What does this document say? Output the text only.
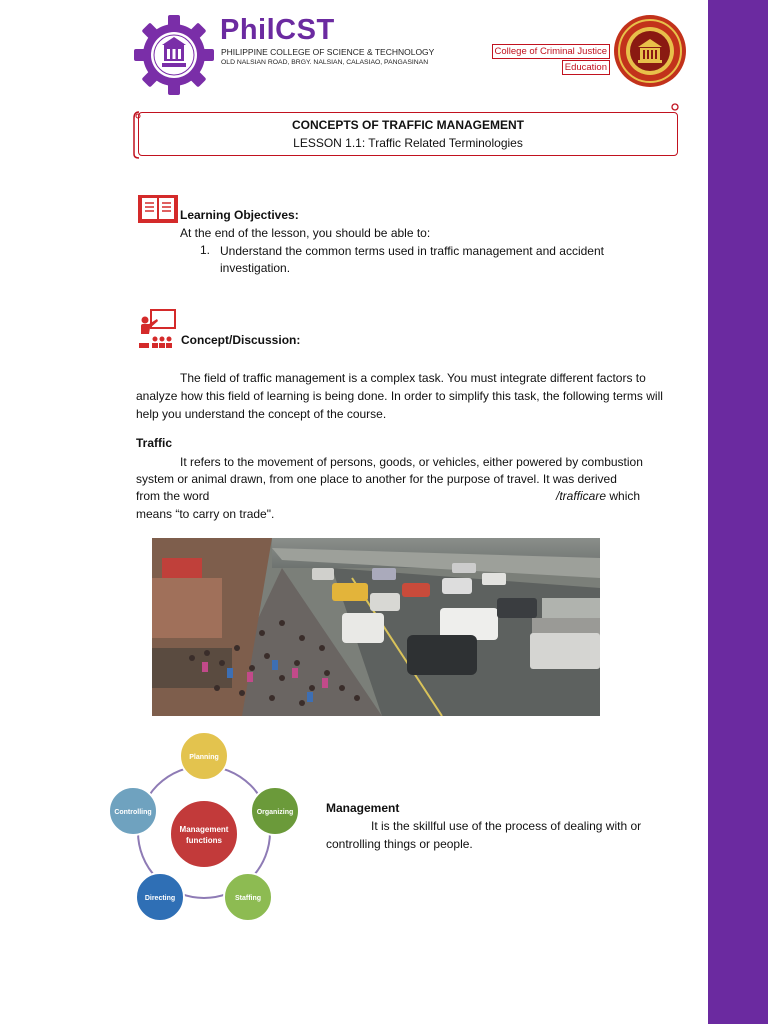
PhilCST
PHILIPPINE COLLEGE OF SCIENCE & TECHNOLOGY
OLD NALSIAN ROAD, BRGY. NALSIAN, CALASIAO, PANGASINAN
College of Criminal Justice
Education
CONCEPTS OF TRAFFIC MANAGEMENT
LESSON 1.1: Traffic Related Terminologies
Learning Objectives:
At the end of the lesson, you should be able to:
1. Understand the common terms used in traffic management and accident investigation.
Concept/Discussion:
The field of traffic management is a complex task. You must integrate different factors to analyze how this field of learning is being done. In order to simplify this task, the following terms will help you understand the concept of the course.
Traffic
It refers to the movement of persons, goods, or vehicles, either powered by combustion
system or animal drawn, from one place to another for the purpose of travel. It was derived
from the word	/trafficare which
means “to carry on trade".
Planning
Organizing
Staffing
Directing
Controlling
Management
functions
Management
It is the skillful use of the process of dealing with or
controlling things or people.
